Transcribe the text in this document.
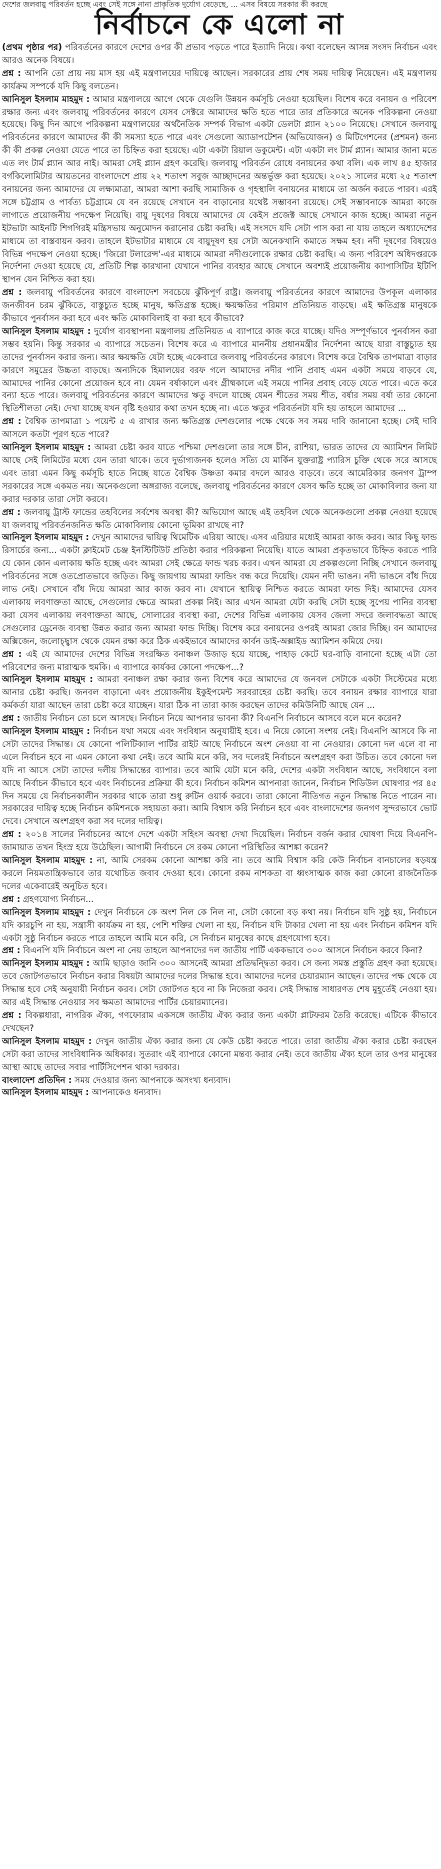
দেশের জলবায়ু পরিবর্তন হচ্ছে এবং সেই সঙ্গে নানা প্রাকৃতিক দুর্যোগ বেড়েছে, ... এসব বিষয়ে সরকার কী করছে
নির্বাচনে কে এলো না

(প্রথম পৃষ্ঠার পর) পরিবর্তনের কারণে দেশের ওপর কী প্রভাব পড়তে পারে ইত্যাদি নিয়ে। কথা বলেছেন আসন্ন সংসদ নির্বাচন এবং আরও অনেক বিষয়ে।

প্রশ্ন : আপনি তো প্রায় নয় মাস হয় এই মন্ত্রণালয়ের দায়িত্বে আছেন। সরকারের প্রায় শেষ সময় দায়িত্ব নিয়েছেন। এই মন্ত্রণালয় কার্যক্রম সম্পর্কে যদি কিছু বলতেন।

আনিসুল ইসলাম মাহমুদ : আমার মন্ত্রণালয়ে আগে থেকে যেগুলি উন্নয়ন কর্মসূচি নেওয়া হয়েছিল। বিশেষ করে বনায়ন ও পরিবেশ রক্ষার জন্য এবং জলবায়ু পরিবর্তনের কারণে যেসব সেক্টরে আমাদের ক্ষতি হতে পারে তার প্রতিকারে অনেক পরিকল্পনা নেওয়া হয়েছে। কিছু দিন আগে পরিকল্পনা মন্ত্রণালয়ের অর্থনৈতিক সম্পর্ক বিভাগ একটা ডেলটা প্ল্যান ২১০০ নিয়েছে। সেখানে জলবায়ু পরিবর্তনের কারণে আমাদের কী কী সমস্যা হতে পারে এবং সেগুলো অ্যাডাপটেশন (অভিযোজন) ও মিটিগেশনের (প্রশমন) জন্য কী কী প্রকল্প নেওয়া যেতে পারে তা চিহ্নিত করা হয়েছে। এটা একটা রিয়াল ডকুমেন্ট। এটা একটা লং টার্ম প্ল্যান। আমার জানা মতে এত লং টার্ম প্ল্যান আর নাই। আমরা সেই প্ল্যান গ্রহণ করেছি। জলবায়ু পরিবর্তন রোধে বনায়নের কথা বলি। এক লাখ ৪৫ হাজার বর্গকিলোমিটার আয়তনের বাংলাদেশে প্রায় ২২ শতাংশ সবুজ আচ্ছাদনের অন্তর্ভুক্ত করা হয়েছে। ২০২১ সালের মধ্যে ২৫ শতাংশ বনায়নের জন্য আমাদের যে লক্ষ্যমাত্রা, আমরা আশা করছি সামাজিক ও গৃহস্থালি বনায়নের মাধ্যমে তা অর্জন করতে পারব। এরই সঙ্গে চট্টগ্রাম ও পার্বত্য চট্টগ্রামে যে বন রয়েছে সেখানে বন বাড়ানোর যথেষ্ট সম্ভাবনা রয়েছে। সেই সম্ভাবনাকে আমরা কাজে লাগাতে প্রয়োজনীয় পদক্ষেপ নিয়েছি। বায়ু দূষণের বিষয়ে আমাদের যে কেইস প্রজেক্ট আছে সেখানে কাজ হচ্ছে। আমরা নতুন ইটভাটা আইনটি শিগগিরই মন্ত্রিসভায় অনুমোদন করানোর চেষ্টা করছি। এই সংসদে যদি সেটা পাস করা না যায় তাহলে অধ্যাদেশের মাধ্যমে তা বাস্তবায়ন করব। তাহলে ইটভাটার মাধ্যমে যে বায়ুদূষণ হয় সেটা অনেকখানি কমাতে সক্ষম হব। নদী দূষণের বিষয়েও বিভিন্ন পদক্ষেপ নেওয়া হচ্ছে। 'জিরো টলারেন্স'-এর মাধ্যমে আমরা নদীগুলোকে রক্ষার চেষ্টা করছি। এ জন্য পরিবেশ অধিদপ্তরকে নির্দেশনা দেওয়া হয়েছে যে, প্রতিটি শিল্প কারখানা যেখানে পানির ব্যবহার আছে সেখানে অবশ্যই প্রয়োজনীয় ক্যাপাসিটির ইটিপি স্থাপন যেন নিশ্চিত করা হয়।

প্রশ্ন : জলবায়ু পরিবর্তনের কারণে বাংলাদেশ সবচেয়ে ঝুঁকিপূর্ণ রাষ্ট্র। জলবায়ু পরিবর্তনের কারণে আমাদের উপকূল এলাকার জনজীবন চরম ঝুঁকিতে, বাস্তুচ্যুত হচ্ছে মানুষ, ক্ষতিগ্রস্ত হচ্ছে। ক্ষয়ক্ষতির পরিমাণ প্রতিনিয়ত বাড়ছে। এই ক্ষতিগ্রস্ত মানুষকে কীভাবে পুনর্বাসন করা হবে এবং ক্ষতি মোকাবিলাই বা করা হবে কীভাবে?

আনিসুল ইসলাম মাহমুদ : দুর্যোগ ব্যবস্থাপনা মন্ত্রণালয় প্রতিনিয়ত এ ব্যাপারে কাজ করে যাচ্ছে। যদিও সম্পূর্ণভাবে পুনর্বাসন করা সম্ভব হয়নি। কিন্তু সরকার এ ব্যাপারে সচেতন। বিশেষ করে এ ব্যাপারে মাননীয় প্রধানমন্ত্রীর নির্দেশনা আছে যারা বাস্তুচ্যুত হয় তাদের পুনর্বাসন করার জন্য। আর ক্ষয়ক্ষতি যেটা হচ্ছে একেবারে জলবায়ু পরিবর্তনের কারণে। বিশেষ করে বৈশ্বিক তাপমাত্রা বাড়ার কারণে সমুদ্রের উচ্চতা বাড়ছে। অন্যদিকে হিমালয়ের বরফ গলে আমাদের নদীর পানি প্রবাহ এমন একটা সময়ে বাড়বে যে, আমাদের পানির কোনো প্রয়োজন হবে না। যেমন বর্ষাকালে এবং গ্রীষ্মকালে এই সময়ে পানির প্রবাহ বেড়ে যেতে পারে। এতে করে বন্যা হতে পারে। জলবায়ু পরিবর্তনের কারণে আমাদের ঋতু বদলে যাচ্ছে যেমন শীতের সময় শীত, বর্ষার সময় বর্ষা তার কোনো স্থিতিশীলতা নেই। দেখা যাচ্ছে যখন বৃষ্টি হওয়ার কথা তখন হচ্ছে না। এতে ঋতুর পরিবর্তনটা যদি হয় তাহলে আমাদের ...

প্রশ্ন : বৈশ্বিক তাপমাত্রা ১ পয়েন্ট ৫ এ রাখার জন্য ক্ষতিগ্রস্ত দেশগুলোর পক্ষে থেকে সব সময় দাবি জানানো হচ্ছে। সেই দাবি আসলে কতটা পূরণ হতে পারে?

আনিসুল ইসলাম মাহমুদ : আমরা চেষ্টা করব যাতে পশ্চিমা দেশগুলো তার সঙ্গে চীন, রাশিয়া, ভারত তাদের যে অ্যামিশন লিমিট আছে সেই লিমিটের মধ্যে যেন তারা থাকে। তবে দুর্ভাগ্যজনক হলেও সত্যি যে মার্কিন যুক্তরাষ্ট্র প্যারিস চুক্তি থেকে সরে আসছে এবং তারা এমন কিছু কর্মসূচি হাতে নিচ্ছে যাতে বৈশ্বিক উষ্ণতা কমার বদলে আরও বাড়বে। তবে আমেরিকার জনগণ ট্রাম্প সরকারের সঙ্গে একমত নয়। অনেকগুলো অঙ্গরাজ্য বলেছে, জলবায়ু পরিবর্তনের কারণে যেসব ক্ষতি হচ্ছে তা মোকাবিলার জন্য যা করার দরকার তারা সেটা করবে।

প্রশ্ন : জলবায়ু ট্রাস্ট ফান্ডের তহবিলের সর্বশেষ অবস্থা কী? অভিযোগ আছে এই তহবিল থেকে অনেকগুলো প্রকল্প নেওয়া হয়েছে যা জলবায়ু পরিবর্তনজনিত ক্ষতি মোকাবিলায় কোনো ভূমিকা রাখছে না?

আনিসুল ইসলাম মাহমুদ : দেখুন আমাদের দ্বায়িত্ব থিমেটিক এরিয়া আছে। এসব এরিয়ার মধ্যেই আমরা কাজ করব। আর কিছু ফান্ড রিসার্চের জন্য... একটা ক্লাইমেট চেঞ্জ ইনস্টিটিউট প্রতিষ্ঠা করার পরিকল্পনা নিয়েছি। যাতে আমরা প্রকৃতভাবে চিহ্নিত করতে পারি যে কোন কোন এলাকায় ক্ষতি হচ্ছে এবং আমরা সেই ক্ষেত্রে ফান্ড খরচ করব। এখন আমরা যে প্রকল্পগুলো নিচ্ছি সেখানে জলবায়ু পরিবর্তনের সঙ্গে ওতপ্রোতভাবে জড়িত। কিছু জায়গায় আমরা ফান্ডিং বন্ধ করে দিয়েছি। যেমন নদী ভাঙন। নদী ভাঙনে বাঁধ দিয়ে লাভ নেই। সেখানে বাঁধ দিয়ে আমরা আর কাজ করব না। যেখানে স্থায়িত্ব নিশ্চিত করতে আমরা ফান্ড দিই। আমাদের যেসব এলাকায় লবণাক্ততা আছে, সেগুলোর ক্ষেত্রে আমরা প্রকল্প নিই। আর এখন আমরা যেটা করছি সেটা হচ্ছে সুপেয় পানির ব্যবস্থা করা যেসব এলাকায় লবণাক্ততা আছে, সোলারের ব্যবস্থা করা, দেশের বিভিন্ন এলাকায় যেসব জেলা সদরে জলাবদ্ধতা আছে সেগুলোর ড্রেনেজ ব্যবস্থা উন্নত করার জন্য আমরা ফান্ড দিচ্ছি। বিশেষ করে বনায়নের ওপরই আমরা জোর দিচ্ছি। বন আমাদের অক্সিজেন, জলোচ্ছ্বাস থেকে যেমন রক্ষা করে ঠিক একইভাবে আমাদের কার্বন ডাই-অক্সাইড অ্যামিশন কমিয়ে দেয়।

প্রশ্ন : এই যে আমাদের দেশের বিভিন্ন সংরক্ষিত বনাঞ্চল উজাড় হয়ে যাচ্ছে, পাহাড় কেটে ঘর-বাড়ি বানানো হচ্ছে এটা তো পরিবেশের জন্য মারাত্মক হুমকি। এ ব্যাপারে কার্যকর কোনো পদক্ষেপ...?

আনিসুল ইসলাম মাহমুদ : আমরা বনাঞ্চল রক্ষা করার জন্য বিশেষ করে আমাদের যে জনবল সেটাকে একটা সিস্টেমের মধ্যে আনার চেষ্টা করছি। জনবল বাড়ানো এবং প্রয়োজনীয় ইকুইপমেন্ট সরবরাহের চেষ্টা করছি। তবে বনায়ন রক্ষার ব্যাপারে যারা কর্মকর্তা যারা আছেন তারা চেষ্টা করে যাচ্ছেন। যারা ঠিক না তারা কাজ করছেন তাদের কমিউনিটি আছে যেন ...

প্রশ্ন : জাতীয় নির্বাচন তো চলে আসছে। নির্বাচন নিয়ে আপনার ভাবনা কী? বিএনপি নির্বাচনে আসবে বলে মনে করেন?

আনিসুল ইসলাম মাহমুদ : নির্বাচন যথা সময়ে এবং সংবিধান অনুযায়ীই হবে। এ নিয়ে কোনো সংশয় নেই। বিএনপি আসবে কি না সেটা তাদের সিদ্ধান্ত। যে কোনো পলিটিক্যাল পার্টির রাইট আছে নির্বাচনে অংশ নেওয়া বা না নেওয়ার। কোনো দল এলে বা না এলে নির্বাচন হবে না এমন কোনো কথা নেই। তবে আমি মনে করি, সব দলেরই নির্বাচনে অংশগ্রহণ করা উচিত। তবে কোনো দল যদি না আসে সেটা তাদের দলীয় সিদ্ধান্তের ব্যাপার। তবে আমি যেটা মনে করি, দেশের একটা সংবিধান আছে, সংবিধানে বলা আছে নির্বাচন কীভাবে হবে এবং নির্বাচনের প্রক্রিয়া কী হবে। নির্বাচন কমিশন আপনারা জানেন, নির্বাচন শিডিউল ঘোষণার পর ৪৫ দিন সময়ে যে নির্বাচনকালীন সরকার থাকে তারা শুধু রুটিন ওয়ার্ক করবে। তারা কোনো নীতিগত নতুন সিদ্ধান্ত নিতে পারেন না। সরকারের দায়িত্ব হচ্ছে নির্বাচন কমিশনকে সহায়তা করা। আমি বিশ্বাস করি নির্বাচন হবে এবং বাংলাদেশের জনগণ সুন্দরভাবে ভোট দেবে। সেখানে অংশগ্রহণ করা সব দলের দায়িত্ব।

প্রশ্ন : ২০১৪ সালের নির্বাচনের আগে দেশে একটা সহিংস অবস্থা দেখা দিয়েছিল। নির্বাচন বর্জন করার ঘোষণা দিয়ে বিএনপি-জামায়াত তখন হিংস্র হয়ে উঠেছিল। আগামী নির্বাচনে সে রকম কোনো পরিস্থিতির আশঙ্কা করেন?

আনিসুল ইসলাম মাহমুদ : না, আমি সেরকম কোনো আশঙ্কা করি না। তবে আমি বিশ্বাস করি কেউ নির্বাচন বানচালের ষড়যন্ত্র করলে নিয়মতান্ত্রিকভাবে তার যথোচিত জবাব দেওয়া হবে। কোনো রকম নাশকতা বা ধ্বংসাত্মক কাজ করা কোনো রাজনৈতিক দলের একেবারেই অনুচিত হবে।

প্রশ্ন : গ্রহণযোগ্য নির্বাচন...

আনিসুল ইসলাম মাহমুদ : দেখুন নির্বাচনে কে অংশ নিল কে নিল না, সেটা কোনো বড় কথা নয়। নির্বাচন যদি সুষ্ঠু হয়, নির্বাচনে যদি কারচুপি না হয়, সন্ত্রাসী কার্যক্রম না হয়, পেশি শক্তির খেলা না হয়, নির্বাচন যদি টাকার খেলা না হয় এবং নির্বাচন কমিশন যদি একটা সুষ্ঠু নির্বাচন করতে পারে তাহলে আমি মনে করি, সে নির্বাচন মানুষের কাছে গ্রহণযোগ্য হবে।

প্রশ্ন : বিএনপি যদি নির্বাচনে অংশ না নেয় তাহলে আপনাদের দল জাতীয় পার্টি এককভাবে ৩০০ আসনে নির্বাচন করবে কিনা?

আনিসুল ইসলাম মাহমুদ : আমি ছাড়াও জানি ৩০০ আসনেই আমরা প্রতিদ্বন্দ্বিতা করব। সে জন্য সমস্ত প্রস্তুতি গ্রহণ করা হয়েছে। তবে জোটগতভাবে নির্বাচন করার বিষয়টা আমাদের দলের সিদ্ধান্ত হবে। আমাদের দলের চেয়ারম্যান আছেন। তাদের পক্ষ থেকে যে সিদ্ধান্ত হবে সেই অনুযায়ী নির্বাচন করব। সেটা জোটগত হবে না কি নিজেরা করব। সেই সিদ্ধান্ত সাধারণত শেষ মুহূর্তেই নেওয়া হয়। আর এই সিদ্ধান্ত নেওয়ার সব ক্ষমতা আমাদের পার্টির চেয়ারম্যানের।

প্রশ্ন : বিকল্পধারা, নাগরিক ঐক্য, গণফোরাম একসঙ্গে জাতীয় ঐক্য করার জন্য একটা প্লাটফরম তৈরি করেছে। এটিকে কীভাবে দেখছেন?

আনিসুল ইসলাম মাহমুদ : দেখুন জাতীয় ঐক্য করার জন্য যে কেউ চেষ্টা করতে পারে। তারা জাতীয় ঐক্য করার চেষ্টা করছেন সেটা করা তাদের সাংবিধানিক অধিকার। সুতরাং এই ব্যাপারে কোনো মন্তব্য করার নেই। তবে জাতীয় ঐক্য হলে তার ওপর মানুষের আস্থা আছে তাদের সবার পার্টিসিপেশন থাকা দরকার।

বাংলাদেশ প্রতিদিন : সময় দেওয়ার জন্য আপনাকে অসংখ্য ধন্যবাদ।

আনিসুল ইসলাম মাহমুদ : আপনাকেও ধন্যবাদ।
